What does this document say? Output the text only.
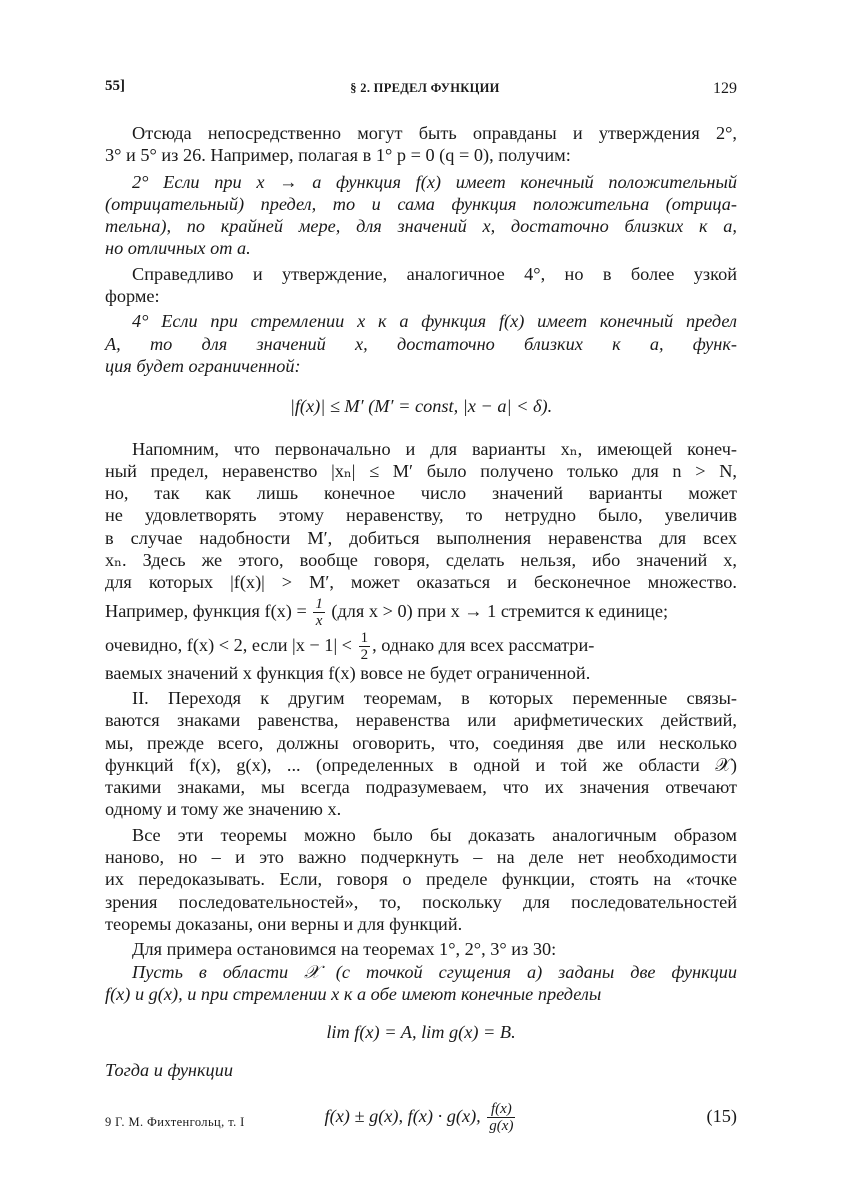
55]	§ 2. ПРЕДЕЛ ФУНКЦИИ	129
Отсюда непосредственно могут быть оправданы и утверждения 2°,
3° и 5° из 26. Например, полагая в 1° p = 0 (q = 0), получим:
2° Если при x → a функция f(x) имеет конечный положительный
(отрицательный) предел, то и сама функция положительна (отрица-
тельна), по крайней мере, для значений x, достаточно близких к a,
но отличных от a.
Справедливо и утверждение, аналогичное 4°, но в более узкой
форме:
4° Если при стремлении x к a функция f(x) имеет конечный предел
A, то для значений x, достаточно близких к a, функ-
ция будет ограниченной:
|f(x)| ≤ M′ (M′ = const, |x − a| < δ).
Напомним, что первоначально и для варианты xₙ, имеющей конеч-
ный предел, неравенство |xₙ| ≤ M′ было получено только для n > N,
но, так как лишь конечное число значений варианты может
не удовлетворять этому неравенству, то нетрудно было, увеличив
в случае надобности M′, добиться выполнения неравенства для всех
xₙ. Здесь же этого, вообще говоря, сделать нельзя, ибо значений x,
для которых |f(x)| > M′, может оказаться и бесконечное множество.
Например, функция $f(x) = \frac{1}{x} (для$ x > 0) при x → 1 стремится к единице;
очевидно, f(x) < 2, если $|x - 1| < \frac{1}{2}$ , однако для всех рассматри-
ваемых значений x функция f(x) вовсе не будет ограниченной.
II. Переходя к другим теоремам, в которых переменные связы-
ваются знаками равенства, неравенства или арифметических действий,
мы, прежде всего, должны оговорить, что, соединяя две или несколько
функций f(x), g(x), ... (определенных в одной и той же области 𝒳)
такими знаками, мы всегда подразумеваем, что их значения отвечают
одному и тому же значению x.
Все эти теоремы можно было бы доказать аналогичным образом
наново, но – и это важно подчеркнуть – на деле нет необходимости
их передоказывать. Если, говоря о пределе функции, стоять на «точке
зрения последовательностей», то, поскольку для последовательностей
теоремы доказаны, они верны и для функций.
Для примера остановимся на теоремах 1°, 2°, 3° из 30:
Пусть в области 𝒳 (с точкой сгущения a) заданы две функции
f(x) и g(x), и при стремлении x к a обе имеют конечные пределы
lim f(x) = A, lim g(x) = B.
Тогда и функции
f(x) ± g(x), f(x) · g(x), $\frac{f(x)}{g(x)}$	(15)
9 Г. М. Фихтенгольц, т. I
